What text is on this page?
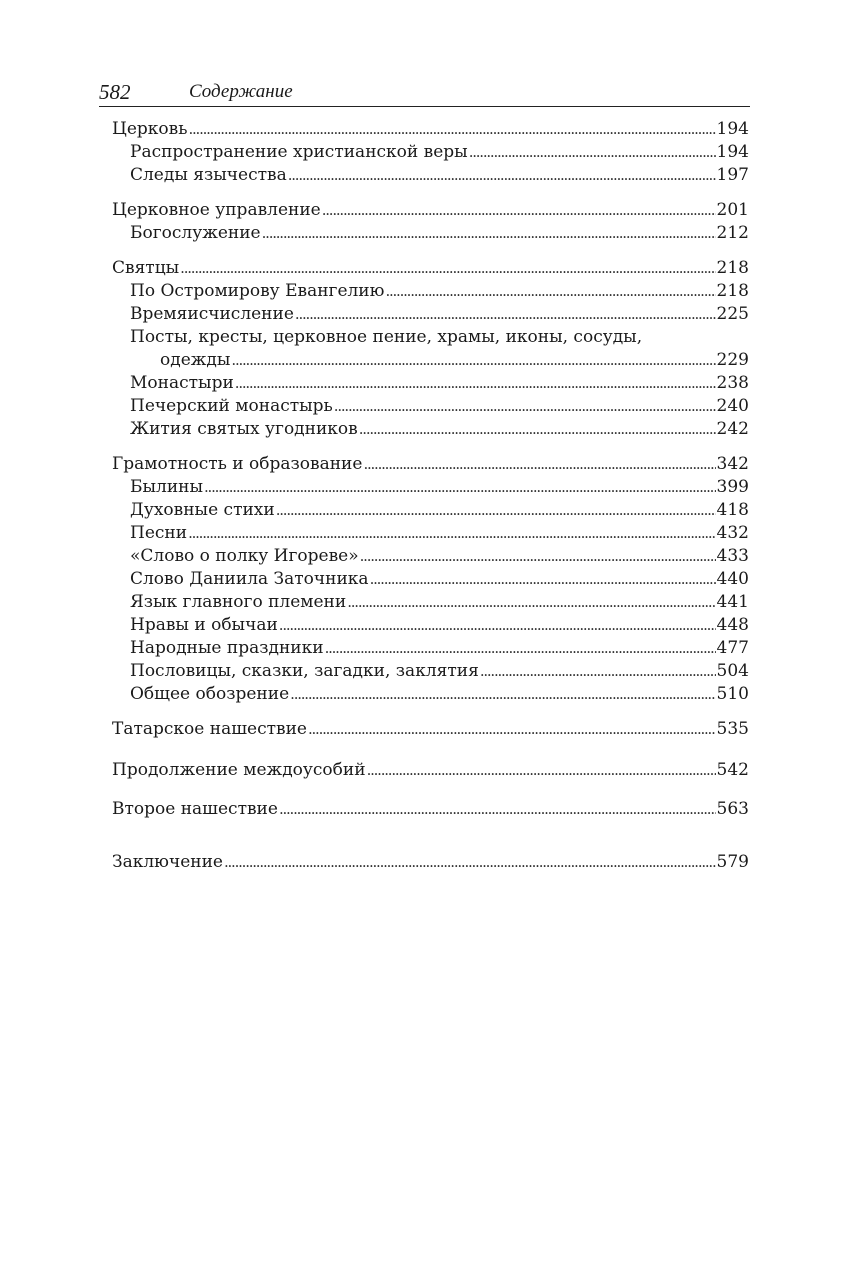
582	Содержание
Церковь . . .	194
Распространение христианской веры . . .	194
Следы язычества . . .	197
Церковное управление . . .	201
Богослужение . . .	212
Святцы . . .	218
По Остромирову Евангелию . . .	218
Времяисчисление . . .	225
Посты, кресты, церковное пение, храмы, иконы, сосуды,
одежды . . .	229
Монастыри . . .	238
Печерский монастырь . . .	240
Жития святых угодников . . .	242
Грамотность и образование . . .	342
Былины . . .	399
Духовные стихи . . .	418
Песни . . .	432
«Слово о полку Игореве» . . .	433
Слово Даниила Заточника . . .	440
Язык главного племени . . .	441
Нравы и обычаи . . .	448
Народные праздники . . .	477
Пословицы, сказки, загадки, заклятия . . .	504
Общее обозрение . . .	510
Татарское нашествие . . .	535
Продолжение междоусобий . . .	542
Второе нашествие . . .	563
Заключение . . .	579
